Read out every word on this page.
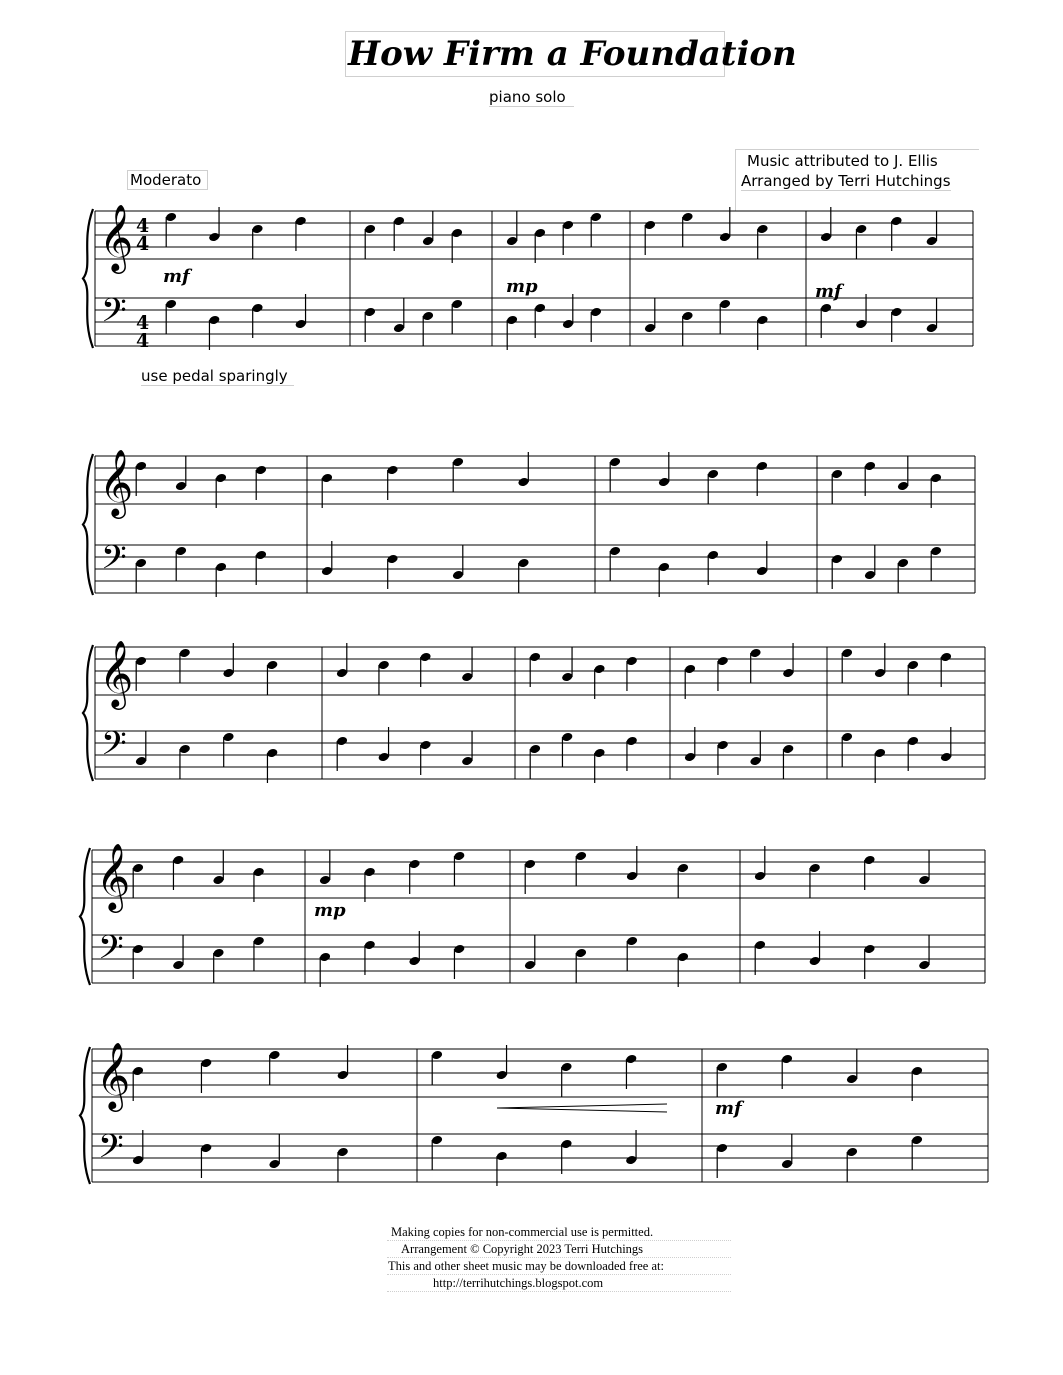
How Firm a Foundation
piano solo
Music attributed to J. Ellis
Arranged by Terri Hutchings
Moderato
use pedal sparingly
mf	mp	mf
mp
mf
𝄞
𝄢
𝄞
𝄢
𝄞
𝄢
𝄞
𝄢
𝄞
𝄢
4
4
4
4
Making copies for non-commercial use is permitted.
Arrangement © Copyright 2023 Terri Hutchings
This and other sheet music may be downloaded free at:
http://terrihutchings.blogspot.com
